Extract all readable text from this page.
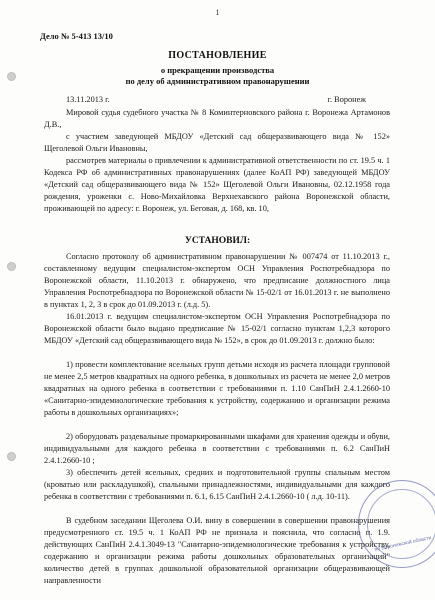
1
Дело № 5-413 13/10
ПОСТАНОВЛЕНИЕ
о прекращении производства
по делу об административном правонарушении
13.11.2013 г.	г. Воронеж
Мировой судья судебного участка № 8 Коминтерновского района г. Воронежа Артамонов Д.В.,
с участием заведующей МБДОУ «Детский сад общеразвивающего вида № 152» Щеголевой Ольги Ивановны,
рассмотрев материалы о привлечении к административной ответственности по ст. 19.5 ч. 1 Кодекса РФ об административных правонарушениях (далее КоАП РФ) заведующей МБДОУ «Детский сад общеразвивающего вида № 152» Щеголевой Ольги Ивановны, 02.12.1958 года рождения, уроженки с. Ново-Михайловка Верхнехавского района Воронежской области, проживающей по адресу: г. Воронеж, ул. Беговая, д. 168, кв. 10,
УСТАНОВИЛ:
Согласно протоколу об административном правонарушении № 007474 от 11.10.2013 г., составленному ведущим специалистом-экспертом ОСН Управления Роспотребнадзора по Воронежской области, 11.10.2013 г. обнаружено, что предписание должностного лица Управления Роспотребнадзора по Воронежской области № 15-02/1 от 16.01.2013 г. не выполнено в пунктах 1, 2, 3 в срок до 01.09.2013 г. (л.д. 5).
16.01.2013 г. ведущим специалистом-экспертом ОСН Управления Роспотребнадзора по Воронежской области было выдано предписание № 15-02/1 согласно пунктам 1,2,3 которого МБДОУ «Детский сад общеразвивающего вида № 152», в срок до 01.09.2013 г. должно было:
1) провести комплектование ясельных групп детьми исходя из расчета площади групповой не менее 2,5 метров квадратных на одного ребенка, в дошкольных из расчета не менее 2,0 метров квадратных на одного ребенка в соответствии с требованиями п. 1.10 СанПиН 2.4.1.2660-10 «Санитарно-эпидемиологические требования к устройству, содержанию и организации режима работы в дошкольных организациях»;
2) оборудовать раздевальные промаркированными шкафами для хранения одежды и обуви, индивидуальными для каждого ребенка в соответствии с требованиями п. 6.2 СанПиН 2.4.1.2660-10 ;
3) обеспечить детей ясельных, средних и подготовительной группы спальным местом (кроватью или раскладушкой), спальными принадлежностями, индивидуальными для каждого ребенка в соответствии с требованиями п. 6.1, 6.15 СанПиН 2.4.1.2660-10 ( л.д. 10-11).
В судебном заседании Щеголева О.И. вину в совершении в совершении правонарушения предусмотренного ст. 19.5 ч. 1 КоАП РФ не признала и пояснила, что согласно п. 1.9. действующих СанПиН 2.4.1.3049-13 "Санитарно-эпидемиологические требования к устройству, содержанию и организации режима работы дошкольных образовательных организаций" количество детей в группах дошкольной образовательной организации общеразвивающей направленности
по Воронежской области
